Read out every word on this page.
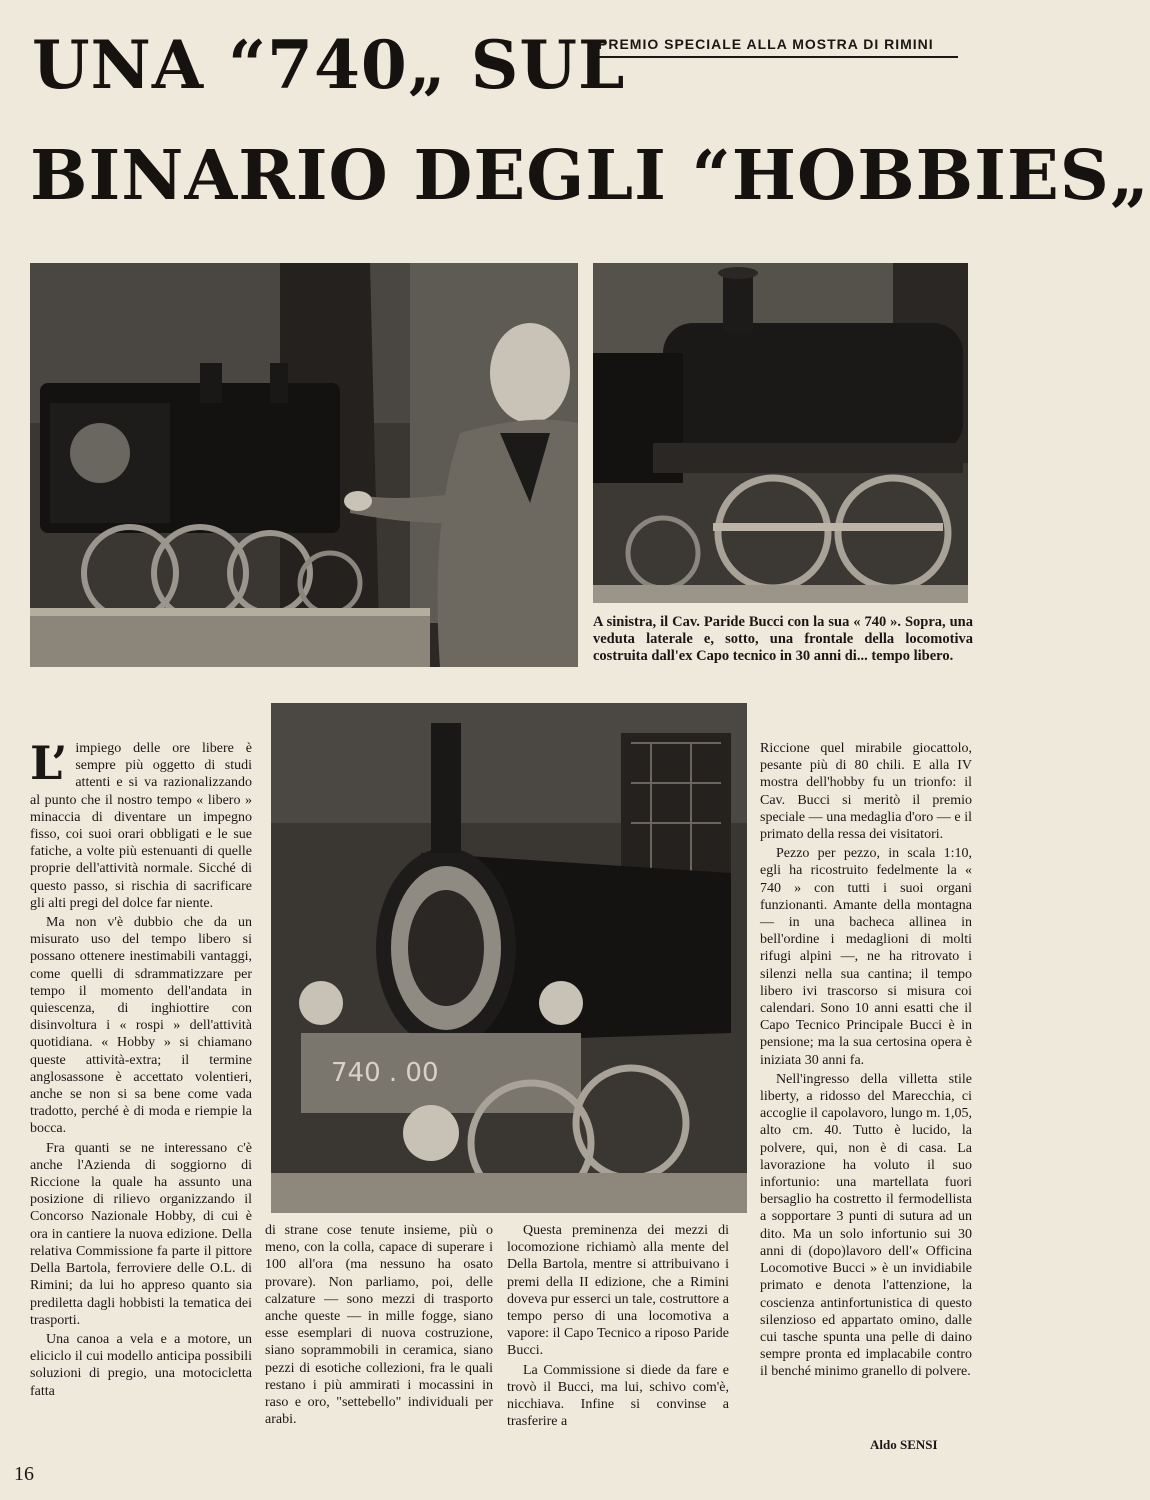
PREMIO SPECIALE ALLA MOSTRA DI RIMINI
UNA “740„ SUL
BINARIO DEGLI “HOBBIES„
A sinistra, il Cav. Paride Bucci con la sua « 740 ». Sopra, una veduta laterale e, sotto, una frontale della locomotiva costruita dall'ex Capo tecnico in 30 anni di... tempo libero.
740 . 00

L’ impiego delle ore libere è sempre più oggetto di studi attenti e si va razionalizzando al punto che il nostro tempo « libero » minaccia di diventare un impegno fisso, coi suoi orari obbligati e le sue fatiche, a volte più estenuanti di quelle proprie dell'attività normale. Sicché di questo passo, si rischia di sacrificare gli alti pregi del dolce far niente.

Ma non v'è dubbio che da un misurato uso del tempo libero si possano ottenere inestimabili vantaggi, come quelli di sdrammatizzare per tempo il momento dell'andata in quiescenza, di inghiottire con disinvoltura i « rospi » dell'attività quotidiana. « Hobby » si chiamano queste attività-extra; il termine anglosassone è accettato volentieri, anche se non si sa bene come vada tradotto, perché è di moda e riempie la bocca.

Fra quanti se ne interessano c'è anche l'Azienda di soggiorno di Riccione la quale ha assunto una posizione di rilievo organizzando il Concorso Nazionale Hobby, di cui è ora in cantiere la nuova edizione. Della relativa Commissione fa parte il pittore Della Bartola, ferroviere delle O.L. di Rimini; da lui ho appreso quanto sia prediletta dagli hobbisti la tematica dei trasporti.

Una canoa a vela e a motore, un eliciclo il cui modello anticipa possibili soluzioni di pregio, una motocicletta fatta

di strane cose tenute insieme, più o meno, con la colla, capace di superare i 100 all'ora (ma nessuno ha osato provare). Non parliamo, poi, delle calzature — sono mezzi di trasporto anche queste — in mille fogge, siano esse esemplari di nuova costruzione, siano soprammobili in ceramica, siano pezzi di esotiche collezioni, fra le quali restano i più ammirati i mocassini in raso e oro, "settebello" individuali per arabi.

Questa preminenza dei mezzi di locomozione richiamò alla mente del Della Bartola, mentre si attribuivano i premi della II edizione, che a Rimini doveva pur esserci un tale, costruttore a tempo perso di una locomotiva a vapore: il Capo Tecnico a riposo Paride Bucci.

La Commissione si diede da fare e trovò il Bucci, ma lui, schivo com'è, nicchiava. Infine si convinse a trasferire a

Riccione quel mirabile giocattolo, pesante più di 80 chili. E alla IV mostra dell'hobby fu un trionfo: il Cav. Bucci si meritò il premio speciale — una medaglia d'oro — e il primato della ressa dei visitatori.

Pezzo per pezzo, in scala 1:10, egli ha ricostruito fedelmente la « 740 » con tutti i suoi organi funzionanti. Amante della montagna — in una bacheca allinea in bell'ordine i medaglioni di molti rifugi alpini —, ne ha ritrovato i silenzi nella sua cantina; il tempo libero ivi trascorso si misura coi calendari. Sono 10 anni esatti che il Capo Tecnico Principale Bucci è in pensione; ma la sua certosina opera è iniziata 30 anni fa.

Nell'ingresso della villetta stile liberty, a ridosso del Marecchia, ci accoglie il capolavoro, lungo m. 1,05, alto cm. 40. Tutto è lucido, la polvere, qui, non è di casa. La lavorazione ha voluto il suo infortunio: una martellata fuori bersaglio ha costretto il fermodellista a sopportare 3 punti di sutura ad un dito. Ma un solo infortunio sui 30 anni di (dopo)lavoro dell'« Officina Locomotive Bucci » è un invidiabile primato e denota l'attenzione, la coscienza antinfortunistica di questo silenzioso ed appartato omino, dalle cui tasche spunta una pelle di daino sempre pronta ed implacabile contro il benché minimo granello di polvere.

Aldo SENSI
16
